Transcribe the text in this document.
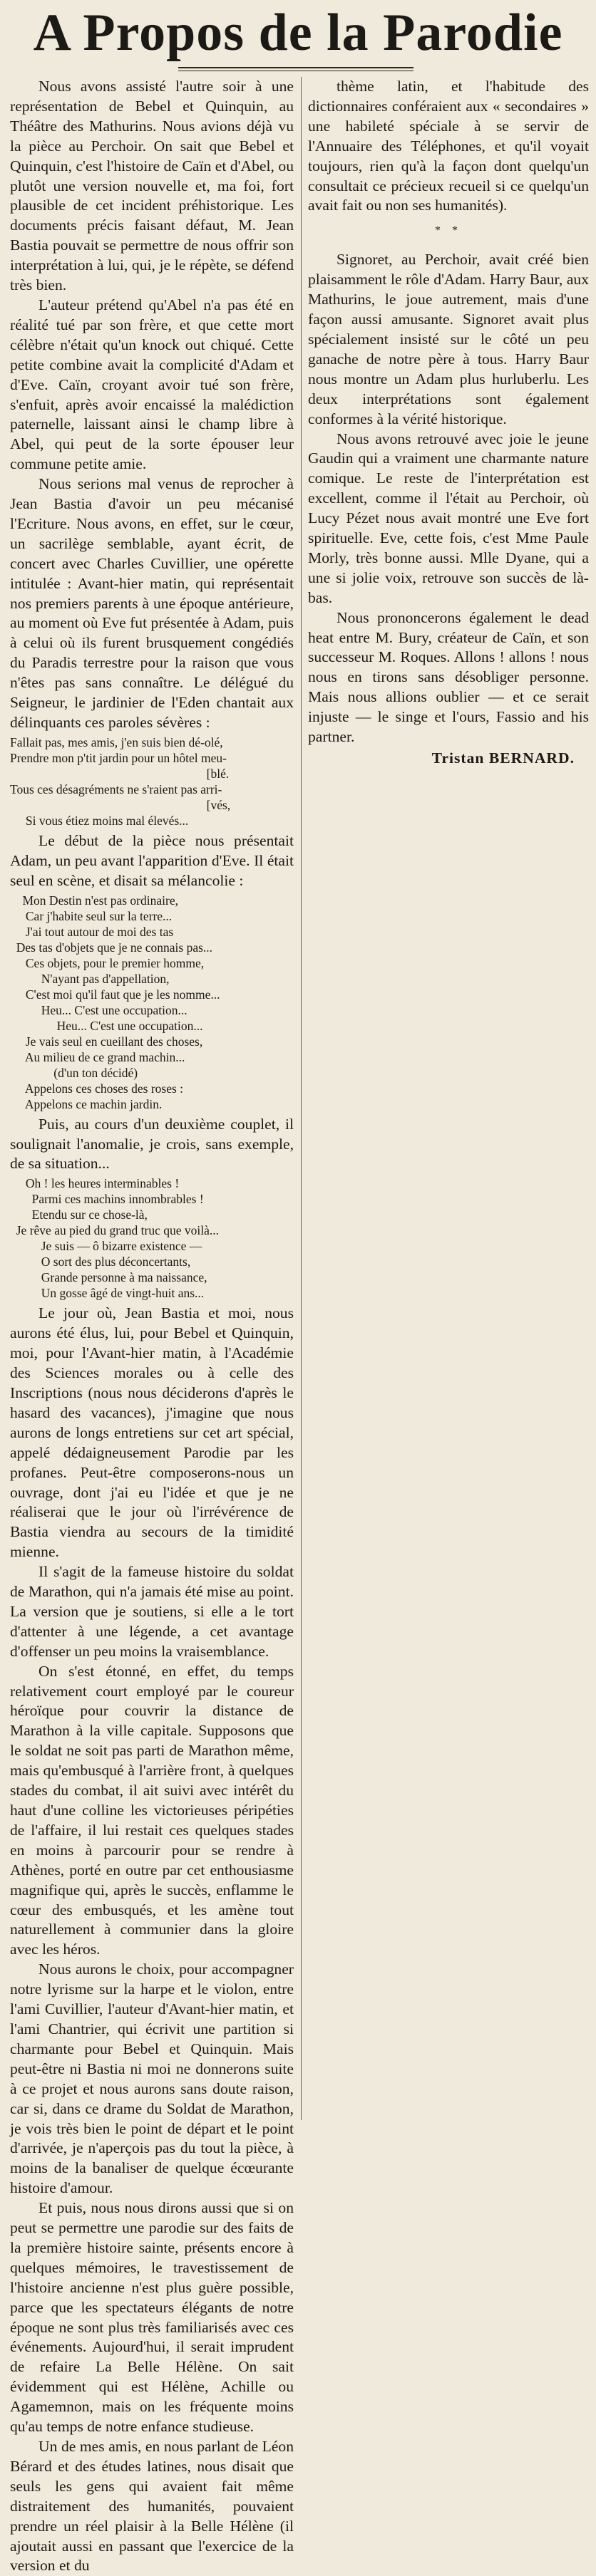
A Propos de la Parodie

Nous avons assisté l'autre soir à une représentation de Bebel et Quinquin, au Théâtre des Mathurins. Nous avions déjà vu la pièce au Perchoir. On sait que Bebel et Quinquin, c'est l'histoire de Caïn et d'Abel, ou plutôt une version nouvelle et, ma foi, fort plausible de cet incident préhistorique. Les documents précis faisant défaut, M. Jean Bastia pouvait se permettre de nous offrir son interprétation à lui, qui, je le répète, se défend très bien.

L'auteur prétend qu'Abel n'a pas été en réalité tué par son frère, et que cette mort célèbre n'était qu'un knock out chiqué. Cette petite combine avait la complicité d'Adam et d'Eve. Caïn, croyant avoir tué son frère, s'enfuit, après avoir encaissé la malédiction paternelle, laissant ainsi le champ libre à Abel, qui peut de la sorte épouser leur commune petite amie.

Nous serions mal venus de reprocher à Jean Bastia d'avoir un peu mécanisé l'Ecriture. Nous avons, en effet, sur le cœur, un sacrilège semblable, ayant écrit, de concert avec Charles Cuvillier, une opérette intitulée : Avant-hier matin, qui représentait nos premiers parents à une époque antérieure, au moment où Eve fut présentée à Adam, puis à celui où ils furent brusquement congédiés du Paradis terrestre pour la raison que vous n'êtes pas sans connaître. Le délégué du Seigneur, le jardinier de l'Eden chantait aux délinquants ces paroles sévères :

Fallait pas, mes amis, j'en suis bien dé-olé,
Prendre mon p'tit jardin pour un hôtel meu-
[blé.
Tous ces désagréments ne s'raient pas arri-
[vés,
Si vous étiez moins mal élevés...

Le début de la pièce nous présentait Adam, un peu avant l'apparition d'Eve. Il était seul en scène, et disait sa mélancolie :

Mon Destin n'est pas ordinaire,
Car j'habite seul sur la terre...
J'ai tout autour de moi des tas
Des tas d'objets que je ne connais pas...
Ces objets, pour le premier homme,
N'ayant pas d'appellation,
C'est moi qu'il faut que je les nomme...
Heu... C'est une occupation...
Heu... C'est une occupation...
Je vais seul en cueillant des choses,
Au milieu de ce grand machin...
(d'un ton décidé)
Appelons ces choses des roses :
Appelons ce machin jardin.

Puis, au cours d'un deuxième couplet, il soulignait l'anomalie, je crois, sans exemple, de sa situation...

Oh ! les heures interminables !
Parmi ces machins innombrables !
Etendu sur ce chose-là,
Je rêve au pied du grand truc que voilà...
Je suis — ô bizarre existence —
O sort des plus déconcertants,
Grande personne à ma naissance,
Un gosse âgé de vingt-huit ans...

Le jour où, Jean Bastia et moi, nous aurons été élus, lui, pour Bebel et Quinquin, moi, pour l'Avant-hier matin, à l'Académie des Sciences morales ou à celle des Inscriptions (nous nous déciderons d'après le hasard des vacances), j'imagine que nous aurons de longs entretiens sur cet art spécial, appelé dédaigneusement Parodie par les profanes. Peut-être composerons-nous un ouvrage, dont j'ai eu l'idée et que je ne réaliserai que le jour où l'irrévérence de Bastia viendra au secours de la timidité mienne.

Il s'agit de la fameuse histoire du soldat de Marathon, qui n'a jamais été mise au point. La version que je soutiens, si elle a le tort d'attenter à une légende, a cet avantage d'offenser un peu moins la vraisemblance.

On s'est étonné, en effet, du temps relativement court employé par le coureur héroïque pour couvrir la distance de Marathon à la ville capitale. Supposons que le soldat ne soit pas parti de Marathon même, mais qu'embusqué à l'arrière front, à quelques stades du combat, il ait suivi avec intérêt du haut d'une colline les victorieuses péripéties de l'affaire, il lui restait ces quelques stades en moins à parcourir pour se rendre à Athènes, porté en outre par cet enthousiasme magnifique qui, après le succès, enflamme le cœur des embusqués, et les amène tout naturellement à communier dans la gloire avec les héros.

Nous aurons le choix, pour accompagner notre lyrisme sur la harpe et le violon, entre l'ami Cuvillier, l'auteur d'Avant-hier matin, et l'ami Chantrier, qui écrivit une partition si charmante pour Bebel et Quinquin. Mais peut-être ni Bastia ni moi ne donnerons suite à ce projet et nous aurons sans doute raison, car si, dans ce drame du Soldat de Marathon, je vois très bien le point de départ et le point d'arrivée, je n'aperçois pas du tout la pièce, à moins de la banaliser de quelque écœurante histoire d'amour.

Et puis, nous nous dirons aussi que si on peut se permettre une parodie sur des faits de la première histoire sainte, présents encore à quelques mémoires, le travestissement de l'histoire ancienne n'est plus guère possible, parce que les spectateurs élégants de notre époque ne sont plus très familiarisés avec ces événements. Aujourd'hui, il serait imprudent de refaire La Belle Hélène. On sait évidemment qui est Hélène, Achille ou Agamemnon, mais on les fréquente moins qu'au temps de notre enfance studieuse.

Un de mes amis, en nous parlant de Léon Bérard et des études latines, nous disait que seuls les gens qui avaient fait même distraitement des humanités, pouvaient prendre un réel plaisir à la Belle Hélène (il ajoutait aussi en passant que l'exercice de la version et du

thème latin, et l'habitude des dictionnaires conféraient aux « secondaires » une habileté spéciale à se servir de l'Annuaire des Téléphones, et qu'il voyait toujours, rien qu'à la façon dont quelqu'un consultait ce précieux recueil si ce quelqu'un avait fait ou non ses humanités).

* *

Signoret, au Perchoir, avait créé bien plaisamment le rôle d'Adam. Harry Baur, aux Mathurins, le joue autrement, mais d'une façon aussi amusante. Signoret avait plus spécialement insisté sur le côté un peu ganache de notre père à tous. Harry Baur nous montre un Adam plus hurluberlu. Les deux interprétations sont également conformes à la vérité historique.

Nous avons retrouvé avec joie le jeune Gaudin qui a vraiment une charmante nature comique. Le reste de l'interprétation est excellent, comme il l'était au Perchoir, où Lucy Pézet nous avait montré une Eve fort spirituelle. Eve, cette fois, c'est Mme Paule Morly, très bonne aussi. Mlle Dyane, qui a une si jolie voix, retrouve son succès de là-bas.

Nous prononcerons également le dead heat entre M. Bury, créateur de Caïn, et son successeur M. Roques. Allons ! allons ! nous nous en tirons sans désobliger personne. Mais nous allions oublier — et ce serait injuste — le singe et l'ours, Fassio and his partner.

Tristan BERNARD.
